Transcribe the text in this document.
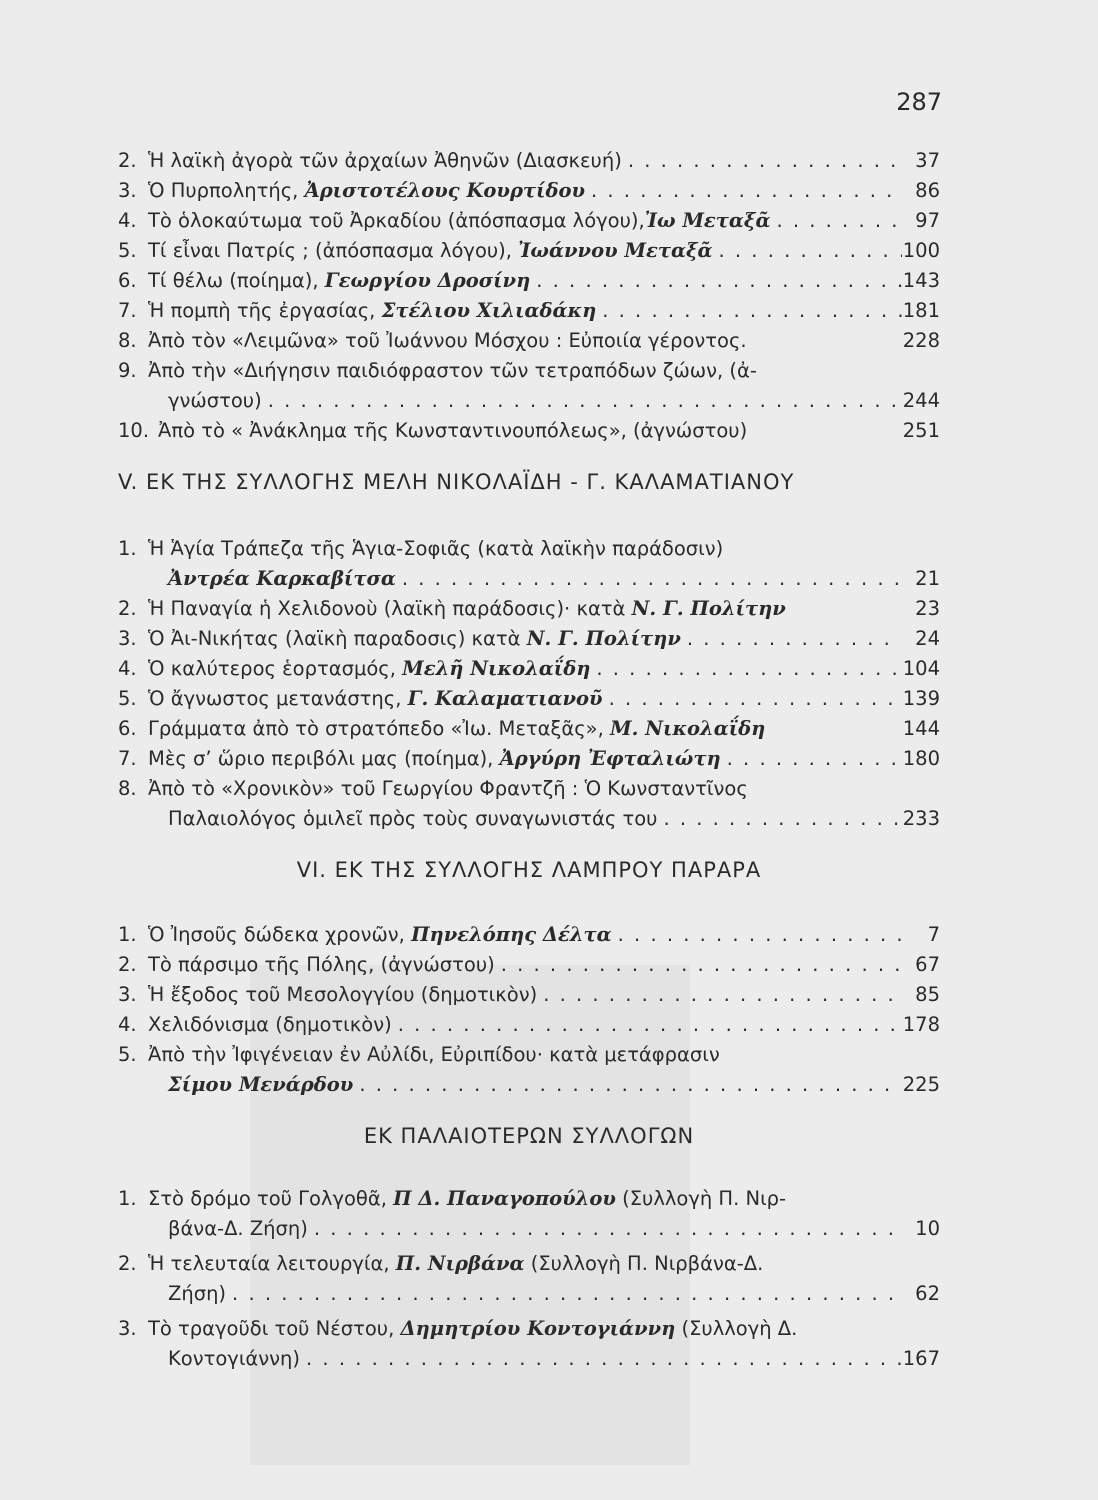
287
2. Ἡ λαϊκὴ ἀγορὰ τῶν ἀρχαίων Ἀθηνῶν (Διασκευή) . . .	37
3. Ὁ Πυρπολητής,
Ἀριστοτέλους Κουρτίδου . . .	86
4. Τὸ ὁλοκαύτωμα τοῦ Ἀρκαδίου (ἀπόσπασμα λόγου), Ἰω Μεταξᾶ . . .	97
5. Τί εἶναι Πατρίς ; (ἀπόσπασμα λόγου),
Ἰωάννου Μεταξᾶ . . .	100
6. Τί θέλω (ποίημα),
Γεωργίου Δροσίνη . . .	143
7. Ἡ πομπὴ τῆς ἐργασίας,
Στέλιου Χιλιαδάκη . . .	181
8. Ἀπὸ τὸν «Λειμῶνα» τοῦ Ἰωάννου Μόσχου : Εὐποιία γέροντος.	228
9. Ἀπὸ τὴν «Διήγησιν παιδιόφραστον τῶν τετραπόδων ζώων, (ἀ-
γνώστου) . . .	244
10. Ἀπὸ τὸ « Ἀνάκλημα τῆς Κωνσταντινουπόλεως», (ἀγνώστου)	251
V. ΕΚ ΤΗΣ ΣΥΛΛΟΓΗΣ ΜΕΛΗ ΝΙΚΟΛΑΪΔΗ - Γ. ΚΑΛΑΜΑΤΙΑΝΟΥ
1. Ἡ Ἁγία Τράπεζα τῆς Ἁγια-Σοφιᾶς (κατὰ λαϊκὴν παράδοσιν)
Ἀντρέα Καρκαβίτσα . . .	21
2. Ἡ Παναγία ἡ Χελιδονοὺ (λαϊκὴ παράδοσις)· κατὰ
Ν. Γ. Πολίτην	23
3. Ὁ Ἀι-Νικήτας (λαϊκὴ παραδοσις) κατὰ
Ν. Γ. Πολίτην . . .	24
4. Ὁ καλύτερος ἑορτασμός,
Μελῆ Νικολαΐδη . . .	104
5. Ὁ ἄγνωστος μετανάστης,
Γ. Καλαματιανοῦ . . .	139
6. Γράμματα ἀπὸ τὸ στρατόπεδο «Ἰω. Μεταξᾶς»,
Μ. Νικολαΐδη	144
7. Μὲς σ’ ὥριο περιβόλι μας (ποίημα),
Ἀργύρη Ἐφταλιώτη . . .	180
8. Ἀπὸ τὸ «Χρονικὸν» τοῦ Γεωργίου Φραντζῆ : Ὁ Κωνσταντῖνος
Παλαιολόγος ὁμιλεῖ πρὸς τοὺς συναγωνιστάς του . . .	233
VI. ΕΚ ΤΗΣ ΣΥΛΛΟΓΗΣ ΛΑΜΠΡΟΥ ΠΑΡΑΡΑ
1. Ὁ Ἰησοῦς δώδεκα χρονῶν,
Πηνελόπης Δέλτα . . .	7
2. Τὸ πάρσιμο τῆς Πόλης, (ἀγνώστου) . . .	67
3. Ἡ ἔξοδος τοῦ Μεσολογγίου (δημοτικὸν) . . .	85
4. Χελιδόνισμα (δημοτικὸν) . . .	178
5. Ἀπὸ τὴν Ἰφιγένειαν ἐν Αὐλίδι, Εὐριπίδου· κατὰ μετάφρασιν
Σίμου Μενάρδου . . .	225
ΕΚ ΠΑΛΑΙΟΤΕΡΩΝ ΣΥΛΛΟΓΩΝ
1. Στὸ δρόμο τοῦ Γολγοθᾶ,
Π Δ. Παναγοπούλου
(Συλλογὴ Π. Νιρ-
βάνα-Δ. Ζήση) . . .	10
2. Ἡ τελευταία λειτουργία,
Π. Νιρβάνα
(Συλλογὴ Π. Νιρβάνα-Δ.
Ζήση) . . .	62
3. Τὸ τραγοῦδι τοῦ Νέστου,
Δημητρίου Κοντογιάννη
(Συλλογὴ Δ.
Κοντογιάννη) . . .	167
